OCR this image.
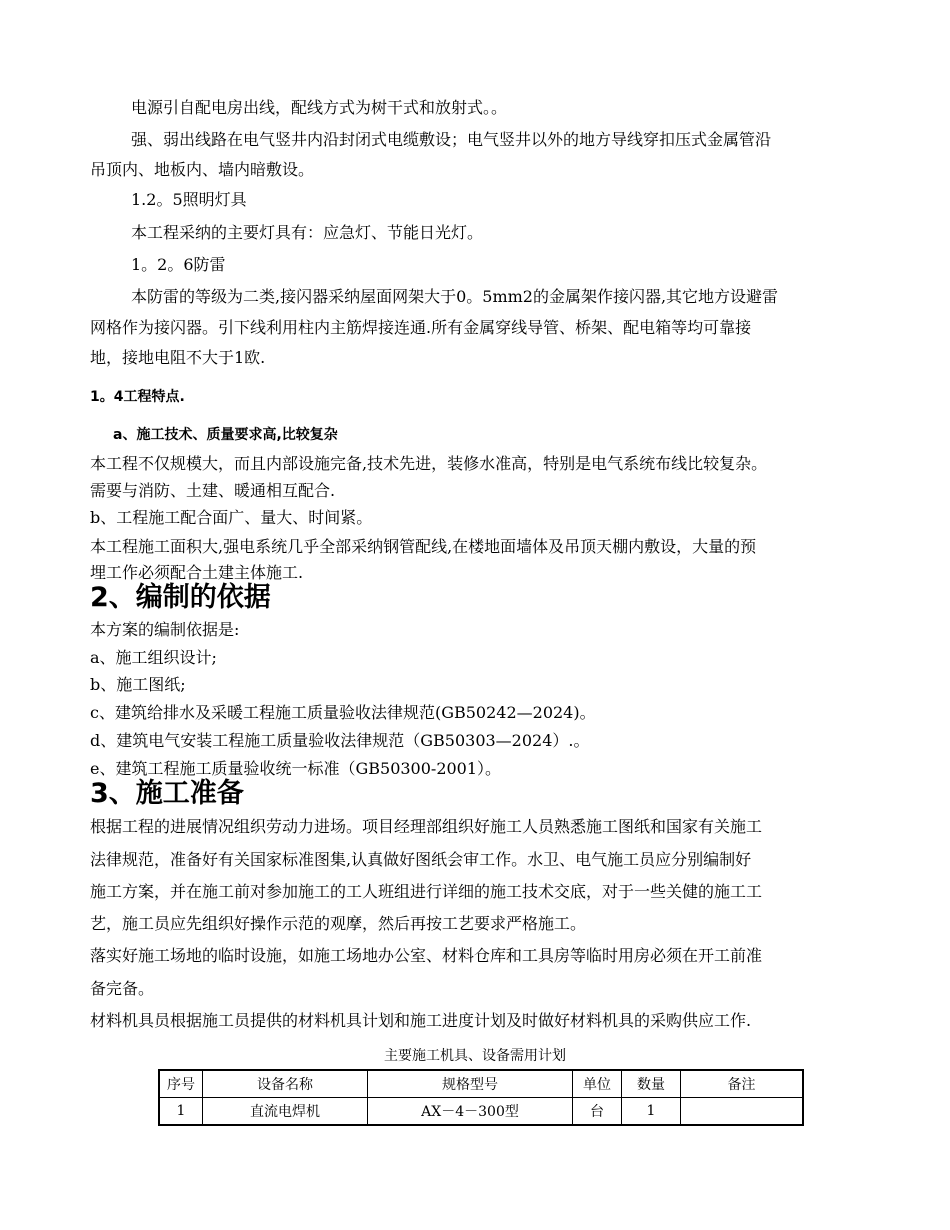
电源引自配电房出线，配线方式为树干式和放射式。。
强、弱出线路在电气竖井内沿封闭式电缆敷设；电气竖井以外的地方导线穿扣压式金属管沿
吊顶内、地板内、墙内暗敷设。
1.2。5照明灯具
本工程采纳的主要灯具有：应急灯、节能日光灯。
1。2。6防雷
本防雷的等级为二类,接闪器采纳屋面网架大于0。5mm2的金属架作接闪器,其它地方设避雷
网格作为接闪器。引下线利用柱内主筋焊接连通.所有金属穿线导管、桥架、配电箱等均可靠接
地，接地电阻不大于1欧.
1。4工程特点.
a、施工技术、质量要求高,比较复杂
本工程不仅规模大，而且内部设施完备,技术先进，装修水准高，特别是电气系统布线比较复杂。
需要与消防、土建、暖通相互配合.
b、工程施工配合面广、量大、时间紧。
本工程施工面积大,强电系统几乎全部采纳钢管配线,在楼地面墙体及吊顶天棚内敷设，大量的预
埋工作必须配合土建主体施工.
2、编制的依据
本方案的编制依据是:
a、施工组织设计;
b、施工图纸;
c、建筑给排水及采暖工程施工质量验收法律规范(GB50242—2024)。
d、建筑电气安装工程施工质量验收法律规范（GB50303—2024）.。
e、建筑工程施工质量验收统一标准（GB50300-2001）。
3、施工准备
根据工程的进展情况组织劳动力进场。项目经理部组织好施工人员熟悉施工图纸和国家有关施工
法律规范，准备好有关国家标准图集,认真做好图纸会审工作。水卫、电气施工员应分别编制好
施工方案，并在施工前对参加施工的工人班组进行详细的施工技术交底，对于一些关健的施工工
艺，施工员应先组织好操作示范的观摩，然后再按工艺要求严格施工。
落实好施工场地的临时设施，如施工场地办公室、材料仓库和工具房等临时用房必须在开工前准
备完备。
材料机具员根据施工员提供的材料机具计划和施工进度计划及时做好材料机具的采购供应工作.
主要施工机具、设备需用计划
序号	设备名称	规格型号	单位	数量	备注
1	直流电焊机	AX－4－300型	台	1	
